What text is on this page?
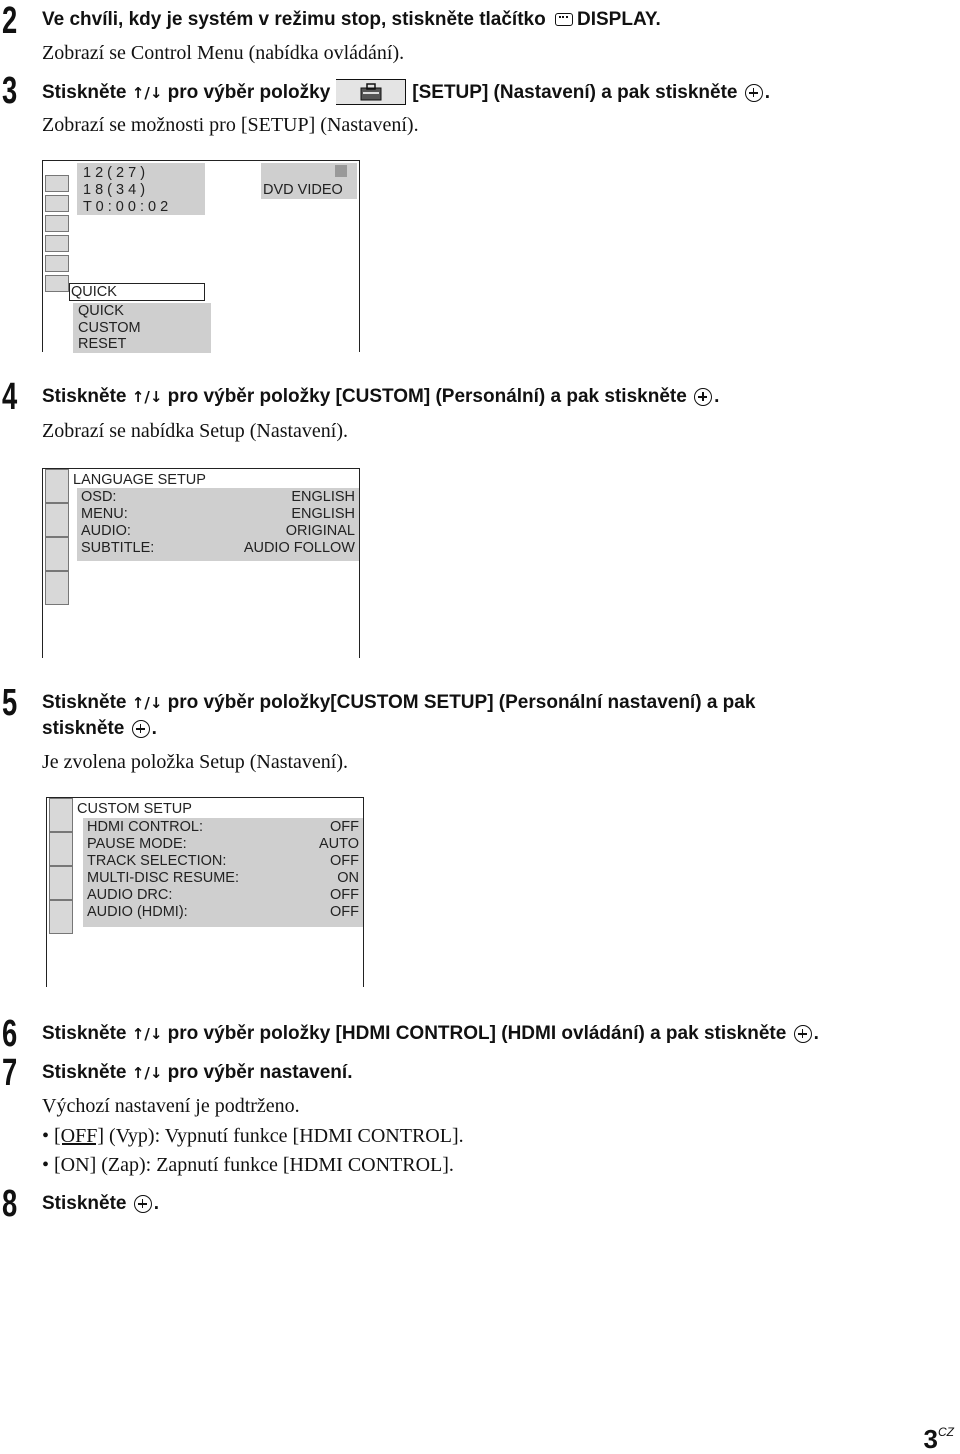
2 Ve chvíli, kdy je systém v režimu stop, stiskněte tlačítko DISPLAY.
Zobrazí se Control Menu (nabídka ovládání).
3 Stiskněte ↑/↓ pro výběr položky	[SETUP] (Nastavení) a pak stiskněte .
Zobrazí se možnosti pro [SETUP] (Nastavení).
1 2 ( 2 7 )
1 8 ( 3 4 )
T 0 : 0 0 : 0 2
DVD VIDEO
QUICK
QUICK
CUSTOM
RESET
4 Stiskněte ↑/↓ pro výběr položky [CUSTOM] (Personální) a pak stiskněte .
Zobrazí se nabídka Setup (Nastavení).
LANGUAGE SETUP
OSD:	ENGLISH
MENU:	ENGLISH
AUDIO:	ORIGINAL
SUBTITLE:	AUDIO FOLLOW
5 Stiskněte ↑/↓ pro výběr položky[CUSTOM SETUP] (Personální nastavení) a pak
stiskněte .
Je zvolena položka Setup (Nastavení).
CUSTOM SETUP
HDMI CONTROL:	OFF
PAUSE MODE:	AUTO
TRACK SELECTION:	OFF
MULTI-DISC RESUME:	ON
AUDIO DRC:	OFF
AUDIO (HDMI):	OFF
6 Stiskněte ↑/↓ pro výběr položky [HDMI CONTROL] (HDMI ovládání) a pak stiskněte .
7 Stiskněte ↑/↓ pro výběr nastavení.
Výchozí nastavení je podtrženo.
• [OFF] (Vyp): Vypnutí funkce [HDMI CONTROL].
• [ON] (Zap): Zapnutí funkce [HDMI CONTROL].
8 Stiskněte .
$3^{CZ}$
